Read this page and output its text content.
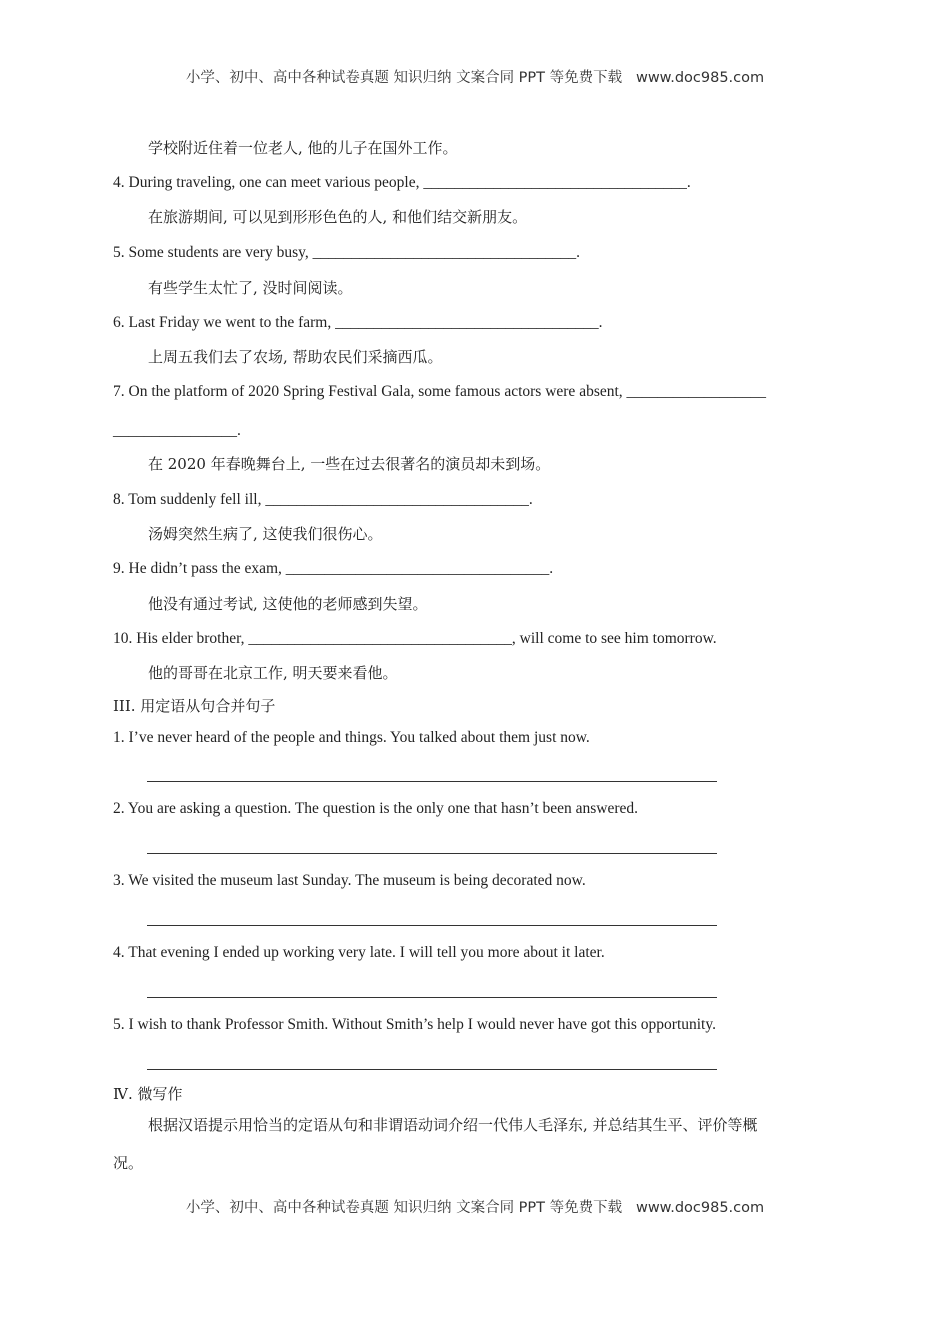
小学、初中、高中各种试卷真题 知识归纳 文案合同 PPT 等免费下载   www.doc985.com
学校附近住着一位老人, 他的儿子在国外工作。
4. During traveling, one can meet various people, __________________________________.
在旅游期间, 可以见到形形色色的人, 和他们结交新朋友。
5. Some students are very busy, __________________________________.
有些学生太忙了, 没时间阅读。
6. Last Friday we went to the farm, __________________________________.
上周五我们去了农场, 帮助农民们采摘西瓜。
7. On the platform of 2020 Spring Festival Gala, some famous actors were absent, __________________
________________.
在 2020 年春晚舞台上, 一些在过去很著名的演员却未到场。
8. Tom suddenly fell ill, __________________________________.
汤姆突然生病了, 这使我们很伤心。
9. He didn’t pass the exam, __________________________________.
他没有通过考试, 这使他的老师感到失望。
10. His elder brother, __________________________________, will come to see him tomorrow.
他的哥哥在北京工作, 明天要来看他。
III. 用定语从句合并句子
1. I’ve never heard of the people and things. You talked about them just now.
2. You are asking a question. The question is the only one that hasn’t been answered.
3. We visited the museum last Sunday. The museum is being decorated now.
4. That evening I ended up working very late. I will tell you more about it later.
5. I wish to thank Professor Smith. Without Smith’s help I would never have got this opportunity.
Ⅳ. 微写作
根据汉语提示用恰当的定语从句和非谓语动词介绍一代伟人毛泽东, 并总结其生平、评价等概
况。
小学、初中、高中各种试卷真题 知识归纳 文案合同 PPT 等免费下载   www.doc985.com
